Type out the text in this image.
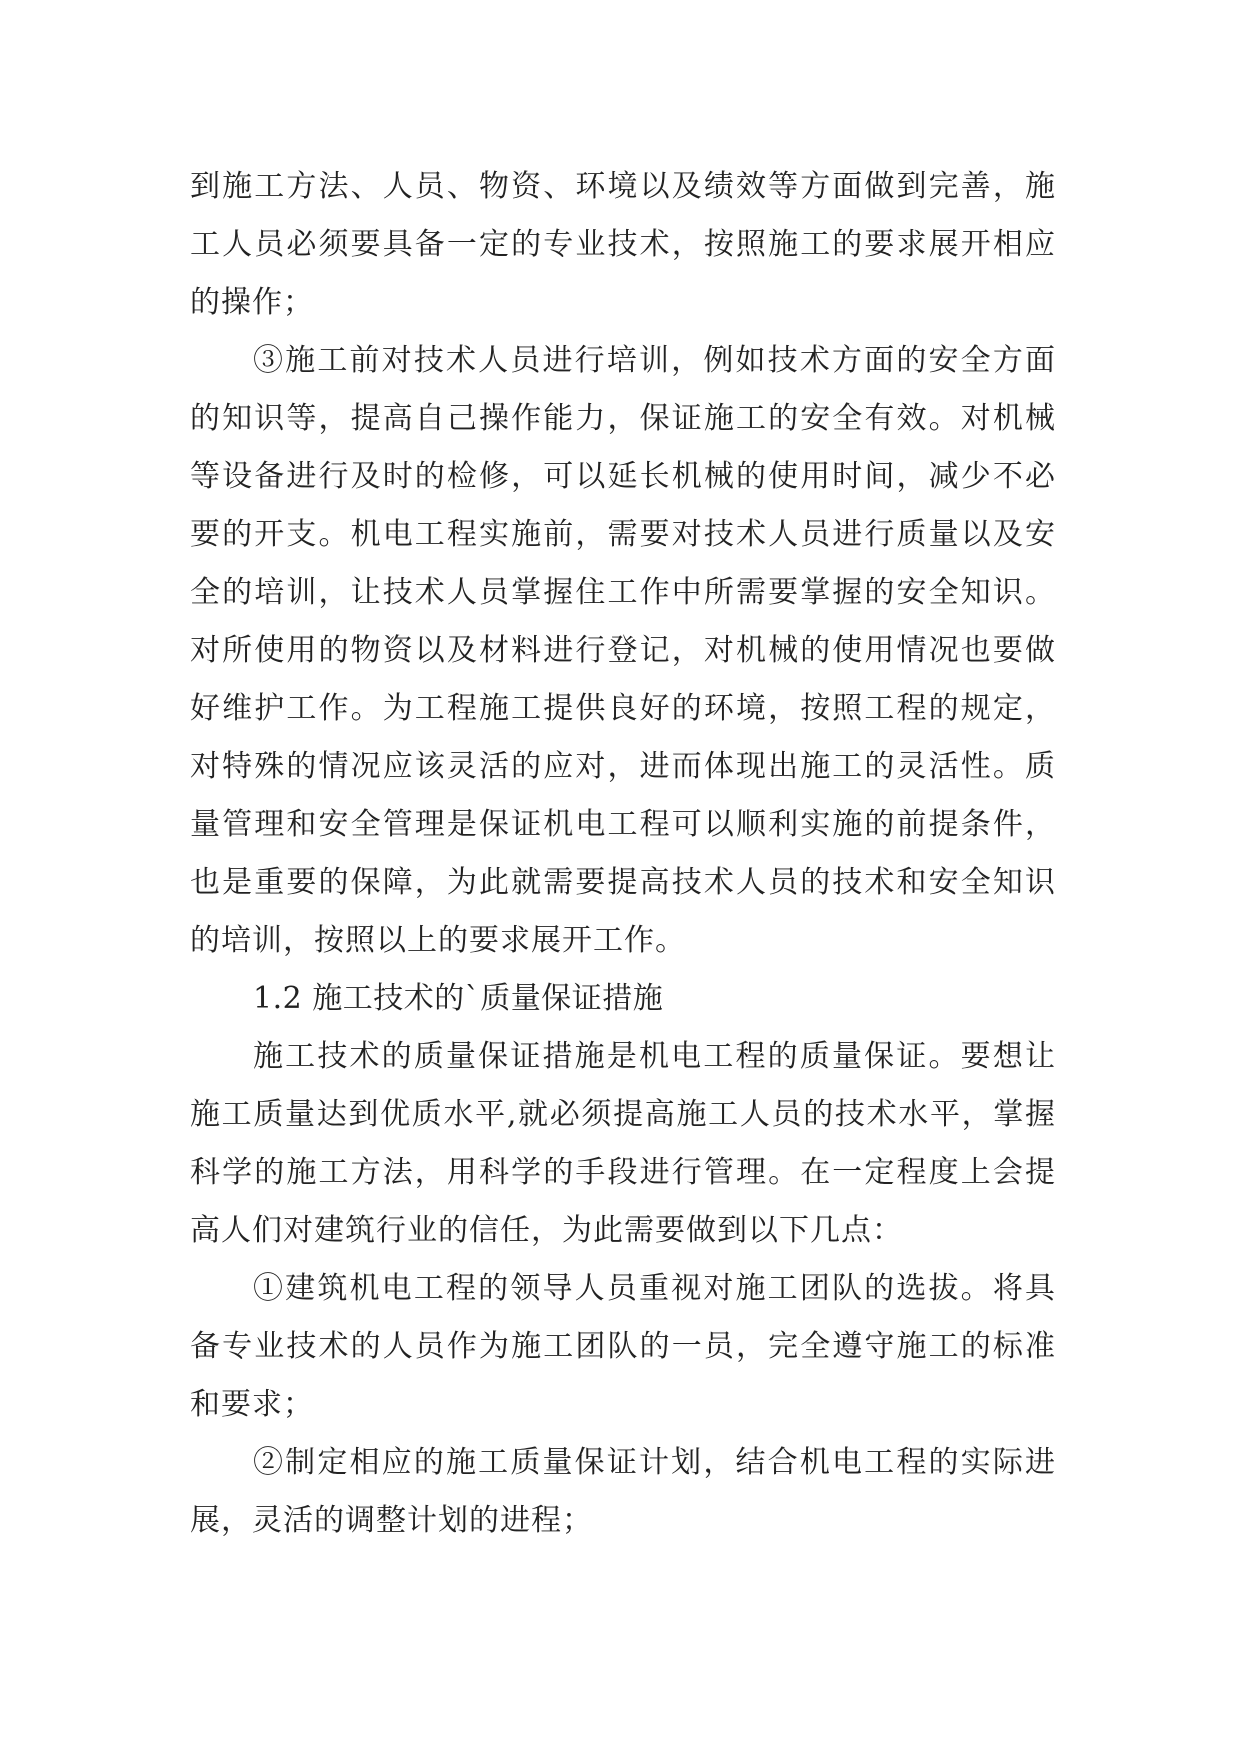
到施工方法、人员、物资、环境以及绩效等方面做到完善，施工人员必须要具备一定的专业技术，按照施工的要求展开相应的操作；

③施工前对技术人员进行培训，例如技术方面的安全方面的知识等，提高自己操作能力，保证施工的安全有效。对机械等设备进行及时的检修，可以延长机械的使用时间，减少不必要的开支。机电工程实施前，需要对技术人员进行质量以及安全的培训，让技术人员掌握住工作中所需要掌握的安全知识。对所使用的物资以及材料进行登记，对机械的使用情况也要做好维护工作。为工程施工提供良好的环境，按照工程的规定，对特殊的情况应该灵活的应对，进而体现出施工的灵活性。质量管理和安全管理是保证机电工程可以顺利实施的前提条件，也是重要的保障，为此就需要提高技术人员的技术和安全知识的培训，按照以上的要求展开工作。

1.2 施工技术的`质量保证措施

施工技术的质量保证措施是机电工程的质量保证。要想让施工质量达到优质水平,就必须提高施工人员的技术水平，掌握科学的施工方法，用科学的手段进行管理。在一定程度上会提高人们对建筑行业的信任，为此需要做到以下几点：

①建筑机电工程的领导人员重视对施工团队的选拔。将具备专业技术的人员作为施工团队的一员，完全遵守施工的标准和要求；

②制定相应的施工质量保证计划，结合机电工程的实际进展，灵活的调整计划的进程；
